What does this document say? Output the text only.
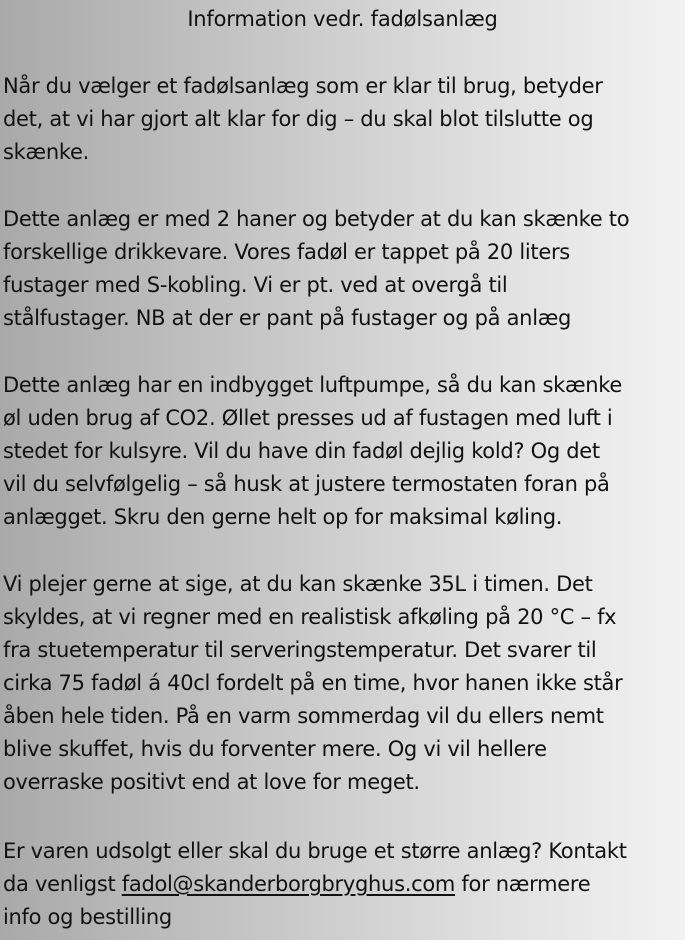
Information vedr. fadølsanlæg

Når du vælger et fadølsanlæg som er klar til brug, betyder
det, at vi har gjort alt klar for dig – du skal blot tilslutte og
skænke.

Dette anlæg er med 2 haner og betyder at du kan skænke to
forskellige drikkevare. Vores fadøl er tappet på 20 liters
fustager med S-kobling. Vi er pt. ved at overgå til
stålfustager. NB at der er pant på fustager og på anlæg

Dette anlæg har en indbygget luftpumpe, så du kan skænke
øl uden brug af CO2. Øllet presses ud af fustagen med luft i
stedet for kulsyre. Vil du have din fadøl dejlig kold? Og det
vil du selvfølgelig – så husk at justere termostaten foran på
anlægget. Skru den gerne helt op for maksimal køling.

Vi plejer gerne at sige, at du kan skænke 35L i timen. Det
skyldes, at vi regner med en realistisk afkøling på 20 °C – fx
fra stuetemperatur til serveringstemperatur. Det svarer til
cirka 75 fadøl á 40cl fordelt på en time, hvor hanen ikke står
åben hele tiden. På en varm sommerdag vil du ellers nemt
blive skuffet, hvis du forventer mere. Og vi vil hellere
overraske positivt end at love for meget.

Er varen udsolgt eller skal du bruge et større anlæg? Kontakt
da venligst fadol@skanderborgbryghus.com for nærmere
info og bestilling
